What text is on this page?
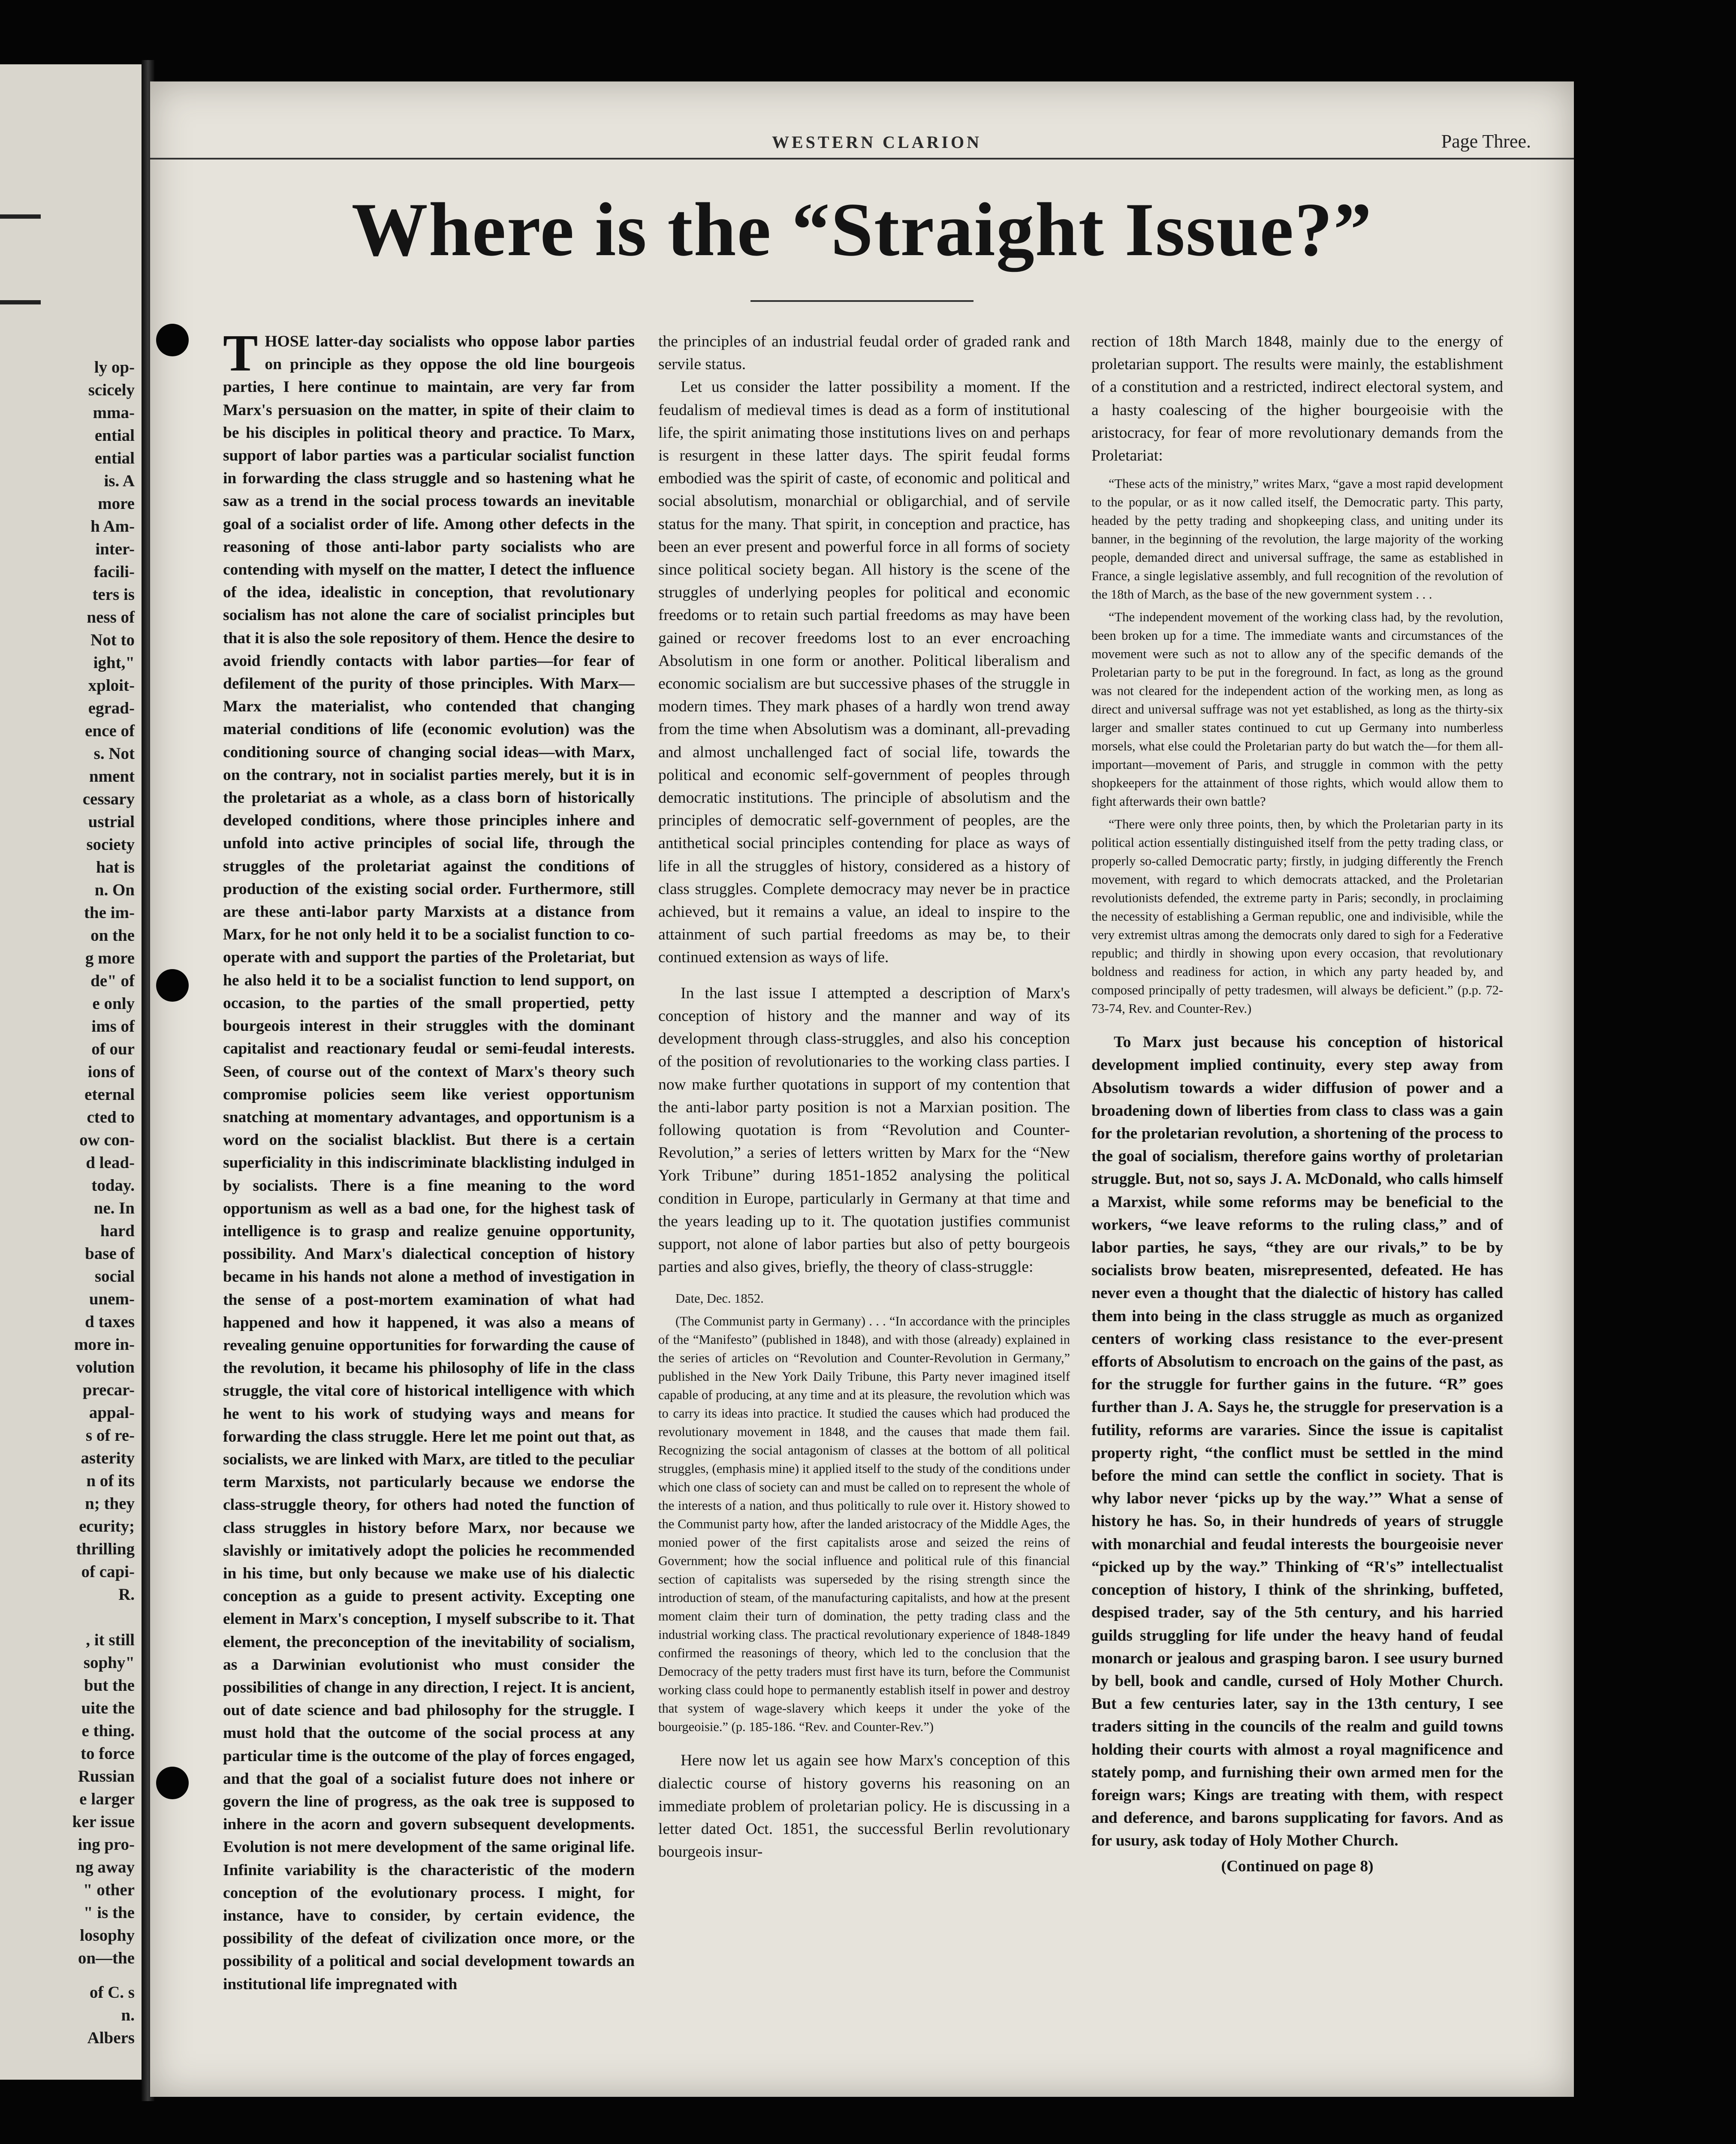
ly op-
scicely
mma-
ential
ential
is. A
more
h Am-
inter-
facili-
ters is
ness of
Not to
ight,"
xploit-
egrad-
ence of
s. Not
nment
cessary
ustrial
society
hat is
n. On
the im-
on the
g more
de" of
e only
ims of
of our
ions of
eternal
cted to
ow con-
d lead-
today.
ne. In
hard
base of
social
unem-
d taxes
more in-
volution
precar-
appal-
s of re-
asterity
n of its
n; they
ecurity;
thrilling
of capi-
R.

, it still
sophy"
but the
uite the
e thing.
to force
Russian
e larger
ker issue
ing pro-
ng away
" other
" is the
losophy
on—the
of C. s
n.
Albers
WESTERN CLARION	Page Three.
Where is the “Straight Issue?”

THOSE latter-day socialists who oppose labor parties on principle as they oppose the old line bourgeois parties, I here continue to maintain, are very far from Marx's persuasion on the matter, in spite of their claim to be his disciples in political theory and practice. To Marx, support of labor parties was a particular socialist function in forwarding the class struggle and so hastening what he saw as a trend in the social process towards an inevitable goal of a socialist order of life. Among other defects in the reasoning of those anti-labor party socialists who are contending with myself on the matter, I detect the influence of the idea, idealistic in conception, that revolutionary socialism has not alone the care of socialist principles but that it is also the sole repository of them. Hence the desire to avoid friendly contacts with labor parties—for fear of defilement of the purity of those principles. With Marx—Marx the materialist, who contended that changing material conditions of life (economic evolution) was the conditioning source of changing social ideas—with Marx, on the contrary, not in socialist parties merely, but it is in the proletariat as a whole, as a class born of historically developed conditions, where those principles inhere and unfold into active principles of social life, through the struggles of the proletariat against the conditions of production of the existing social order. Furthermore, still are these anti-labor party Marxists at a distance from Marx, for he not only held it to be a socialist function to co-operate with and support the parties of the Proletariat, but he also held it to be a socialist function to lend support, on occasion, to the parties of the small propertied, petty bourgeois interest in their struggles with the dominant capitalist and reactionary feudal or semi-feudal interests. Seen, of course out of the context of Marx's theory such compromise policies seem like veriest opportunism snatching at momentary advantages, and opportunism is a word on the socialist blacklist. But there is a certain superficiality in this indiscriminate blacklisting indulged in by socialists. There is a fine meaning to the word opportunism as well as a bad one, for the highest task of intelligence is to grasp and realize genuine opportunity, possibility. And Marx's dialectical conception of history became in his hands not alone a method of investigation in the sense of a post-mortem examination of what had happened and how it happened, it was also a means of revealing genuine opportunities for forwarding the cause of the revolution, it became his philosophy of life in the class struggle, the vital core of historical intelligence with which he went to his work of studying ways and means for forwarding the class struggle. Here let me point out that, as socialists, we are linked with Marx, are titled to the peculiar term Marxists, not particularly because we endorse the class-struggle theory, for others had noted the function of class struggles in history before Marx, nor because we slavishly or imitatively adopt the policies he recommended in his time, but only because we make use of his dialectic conception as a guide to present activity. Excepting one element in Marx's conception, I myself subscribe to it. That element, the preconception of the inevitability of socialism, as a Darwinian evolutionist who must consider the possibilities of change in any direction, I reject. It is ancient, out of date science and bad philosophy for the struggle. I must hold that the outcome of the social process at any particular time is the outcome of the play of forces engaged, and that the goal of a socialist future does not inhere or govern the line of progress, as the oak tree is supposed to inhere in the acorn and govern subsequent developments. Evolution is not mere development of the same original life. Infinite variability is the characteristic of the modern conception of the evolutionary process. I might, for instance, have to consider, by certain evidence, the possibility of the defeat of civilization once more, or the possibility of a political and social development towards an institutional life impregnated with

the principles of an industrial feudal order of graded rank and servile status.

Let us consider the latter possibility a moment. If the feudalism of medieval times is dead as a form of institutional life, the spirit animating those institutions lives on and perhaps is resurgent in these latter days. The spirit feudal forms embodied was the spirit of caste, of economic and political and social absolutism, monarchial or obligarchial, and of servile status for the many. That spirit, in conception and practice, has been an ever present and powerful force in all forms of society since political society began. All history is the scene of the struggles of underlying peoples for political and economic freedoms or to retain such partial freedoms as may have been gained or recover freedoms lost to an ever encroaching Absolutism in one form or another. Political liberalism and economic socialism are but successive phases of the struggle in modern times. They mark phases of a hardly won trend away from the time when Absolutism was a dominant, all-prevading and almost unchallenged fact of social life, towards the political and economic self-government of peoples through democratic institutions. The principle of absolutism and the principles of democratic self-government of peoples, are the antithetical social principles contending for place as ways of life in all the struggles of history, considered as a history of class struggles. Complete democracy may never be in practice achieved, but it remains a value, an ideal to inspire to the attainment of such partial freedoms as may be, to their continued extension as ways of life.

In the last issue I attempted a description of Marx's conception of history and the manner and way of its development through class-struggles, and also his conception of the position of revolutionaries to the working class parties. I now make further quotations in support of my contention that the anti-labor party position is not a Marxian position. The following quotation is from “Revolution and Counter-Revolution,” a series of letters written by Marx for the “New York Tribune” during 1851-1852 analysing the political condition in Europe, particularly in Germany at that time and the years leading up to it. The quotation justifies communist support, not alone of labor parties but also of petty bourgeois parties and also gives, briefly, the theory of class-struggle:

Date, Dec. 1852.

(The Communist party in Germany) . . . “In accordance with the principles of the “Manifesto” (published in 1848), and with those (already) explained in the series of articles on “Revolution and Counter-Revolution in Germany,” published in the New York Daily Tribune, this Party never imagined itself capable of producing, at any time and at its pleasure, the revolution which was to carry its ideas into practice. It studied the causes which had produced the revolutionary movement in 1848, and the causes that made them fail. Recognizing the social antagonism of classes at the bottom of all political struggles, (emphasis mine) it applied itself to the study of the conditions under which one class of society can and must be called on to represent the whole of the interests of a nation, and thus politically to rule over it. History showed to the Communist party how, after the landed aristocracy of the Middle Ages, the monied power of the first capitalists arose and seized the reins of Government; how the social influence and political rule of this financial section of capitalists was superseded by the rising strength since the introduction of steam, of the manufacturing capitalists, and how at the present moment claim their turn of domination, the petty trading class and the industrial working class. The practical revolutionary experience of 1848-1849 confirmed the reasonings of theory, which led to the conclusion that the Democracy of the petty traders must first have its turn, before the Communist working class could hope to permanently establish itself in power and destroy that system of wage-slavery which keeps it under the yoke of the bourgeoisie.” (p. 185-186. “Rev. and Counter-Rev.”)

Here now let us again see how Marx's conception of this dialectic course of history governs his reasoning on an immediate problem of proletarian policy. He is discussing in a letter dated Oct. 1851, the successful Berlin revolutionary bourgeois insur-

rection of 18th March 1848, mainly due to the energy of proletarian support. The results were mainly, the establishment of a constitution and a restricted, indirect electoral system, and a hasty coalescing of the higher bourgeoisie with the aristocracy, for fear of more revolutionary demands from the Proletariat:

“These acts of the ministry,” writes Marx, “gave a most rapid development to the popular, or as it now called itself, the Democratic party. This party, headed by the petty trading and shopkeeping class, and uniting under its banner, in the beginning of the revolution, the large majority of the working people, demanded direct and universal suffrage, the same as established in France, a single legislative assembly, and full recognition of the revolution of the 18th of March, as the base of the new government system . . .

“The independent movement of the working class had, by the revolution, been broken up for a time. The immediate wants and circumstances of the movement were such as not to allow any of the specific demands of the Proletarian party to be put in the foreground. In fact, as long as the ground was not cleared for the independent action of the working men, as long as direct and universal suffrage was not yet established, as long as the thirty-six larger and smaller states continued to cut up Germany into numberless morsels, what else could the Proletarian party do but watch the—for them all-important—movement of Paris, and struggle in common with the petty shopkeepers for the attainment of those rights, which would allow them to fight afterwards their own battle?

“There were only three points, then, by which the Proletarian party in its political action essentially distinguished itself from the petty trading class, or properly so-called Democratic party; firstly, in judging differently the French movement, with regard to which democrats attacked, and the Proletarian revolutionists defended, the extreme party in Paris; secondly, in proclaiming the necessity of establishing a German republic, one and indivisible, while the very extremist ultras among the democrats only dared to sigh for a Federative republic; and thirdly in showing upon every occasion, that revolutionary boldness and readiness for action, in which any party headed by, and composed principally of petty tradesmen, will always be deficient.” (p.p. 72-73-74, Rev. and Counter-Rev.)

To Marx just because his conception of historical development implied continuity, every step away from Absolutism towards a wider diffusion of power and a broadening down of liberties from class to class was a gain for the proletarian revolution, a shortening of the process to the goal of socialism, therefore gains worthy of proletarian struggle. But, not so, says J. A. McDonald, who calls himself a Marxist, while some reforms may be beneficial to the workers, “we leave reforms to the ruling class,” and of labor parties, he says, “they are our rivals,” to be by socialists brow beaten, misrepresented, defeated. He has never even a thought that the dialectic of history has called them into being in the class struggle as much as organized centers of working class resistance to the ever-present efforts of Absolutism to encroach on the gains of the past, as for the struggle for further gains in the future. “R” goes further than J. A. Says he, the struggle for preservation is a futility, reforms are vararies. Since the issue is capitalist property right, “the conflict must be settled in the mind before the mind can settle the conflict in society. That is why labor never ‘picks up by the way.’” What a sense of history he has. So, in their hundreds of years of struggle with monarchial and feudal interests the bourgeoisie never “picked up by the way.” Thinking of “R's” intellectualist conception of history, I think of the shrinking, buffeted, despised trader, say of the 5th century, and his harried guilds struggling for life under the heavy hand of feudal monarch or jealous and grasping baron. I see usury burned by bell, book and candle, cursed of Holy Mother Church. But a few centuries later, say in the 13th century, I see traders sitting in the councils of the realm and guild towns holding their courts with almost a royal magnificence and stately pomp, and furnishing their own armed men for the foreign wars; Kings are treating with them, with respect and deference, and barons supplicating for favors. And as for usury, ask today of Holy Mother Church.

(Continued on page 8)
